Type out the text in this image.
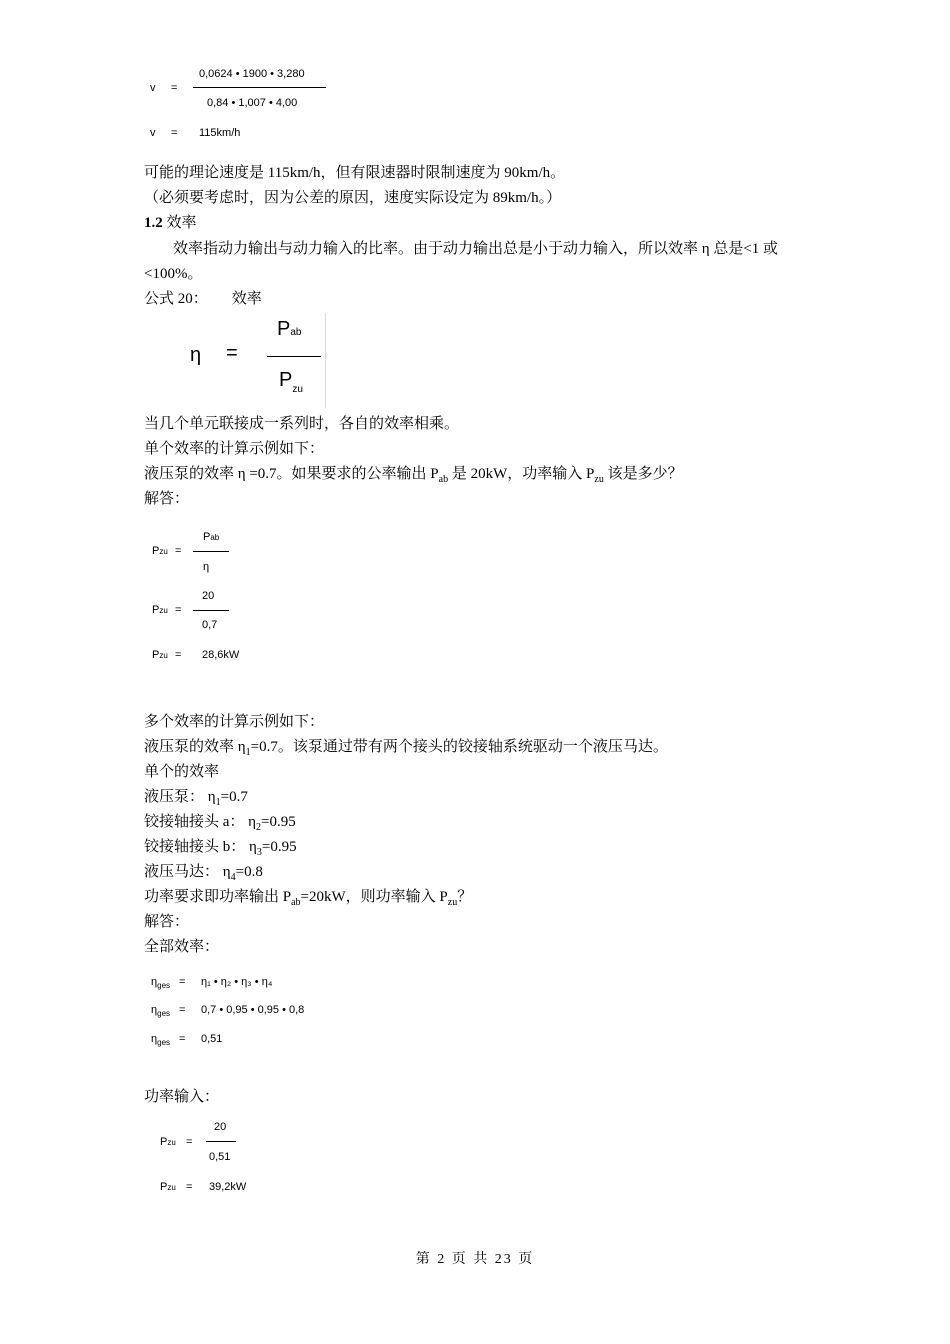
v =
0,0624 • 1900 • 3,280
0,84 • 1,007 • 4,00
v = 115km/h
可能的理论速度是 115km/h，但有限速器时限制速度为 90km/h。
（必须要考虑时，因为公差的原因，速度实际设定为 89km/h。）
1.2 效率
效率指动力输出与动力输入的比率。由于动力输出总是小于动力输入，所以效率 η 总是<1 或
<100%。
公式 20： 效率
η =
Pab
$P_{zu}$
当几个单元联接成一系列时，各自的效率相乘。
单个效率的计算示例如下：
液压泵的效率 η =0.7。如果要求的公率输出 $P_{ab}$ 是 20kW，功率输入 $P_{zu}$ 该是多少？
解答：
Pzu =
Pab
η
Pzu =
20
0,7
Pzu = 28,6kW
多个效率的计算示例如下：
液压泵的效率 $\eta_1=0.7$。该泵通过带有两个接头的铰接轴系统驱动一个液压马达。
单个的效率
液压泵： $\eta_1=0.7$
铰接轴接头 a： $\eta_2=0.95$
铰接轴接头 b： $\eta_3=0.95$
液压马达： $\eta_4=0.8$
功率要求即功率输出 $P_{ab}=20kW$，则功率输入 $P_{zu}$？
解答：
全部效率：
$\eta_{ges} = \eta_1$ • η₂ • η₃ • η₄
$\eta_{ges} = 0,7$ • 0,95 • 0,95 • 0,8
$\eta_{ges} = 0,51$
功率输入：
Pzu =
20
0,51
Pzu = 39,2kW
第 2 页 共 23 页
